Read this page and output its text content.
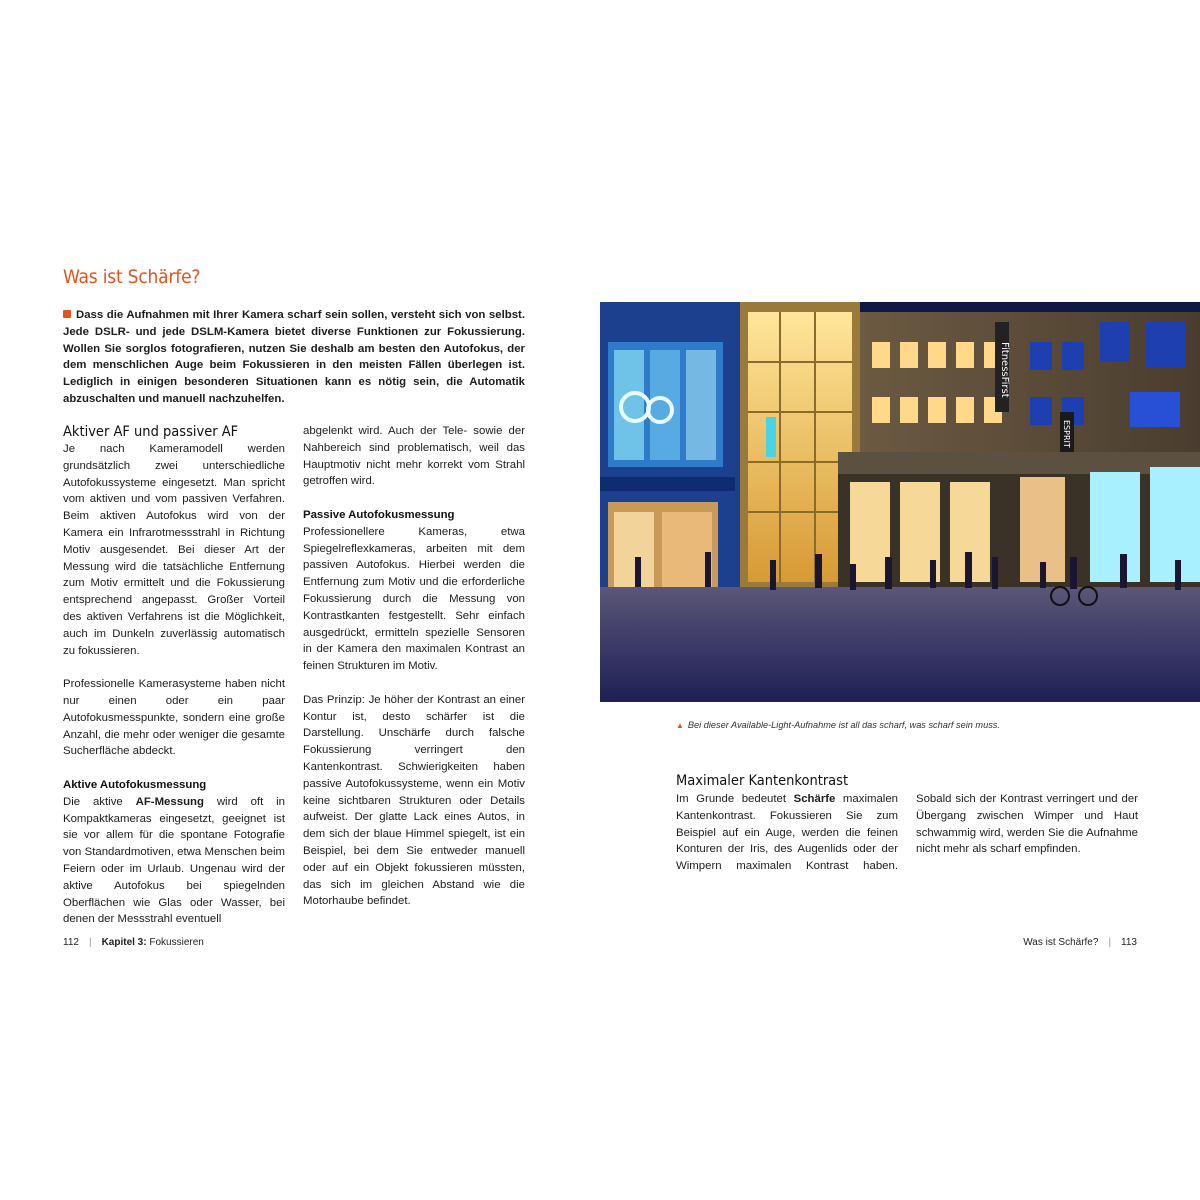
Was ist Schärfe?
Dass die Aufnahmen mit Ihrer Kamera scharf sein sollen, versteht sich von selbst. Jede DSLR- und jede DSLM-Kamera bietet diverse Funktionen zur Fokussierung. Wollen Sie sorglos fotografieren, nutzen Sie deshalb am besten den Autofokus, der dem menschlichen Auge beim Fokussieren in den meisten Fällen überlegen ist. Lediglich in einigen besonderen Situationen kann es nötig sein, die Automatik abzuschalten und manuell nachzuhelfen.
Aktiver AF und passiver AF

Je nach Kameramodell werden grundsätzlich zwei unterschiedliche Autofokussysteme eingesetzt. Man spricht vom aktiven und vom passiven Verfahren. Beim aktiven Autofokus wird von der Kamera ein Infrarotmessstrahl in Richtung Motiv ausgesendet. Bei dieser Art der Messung wird die tatsächliche Entfernung zum Motiv ermittelt und die Fokussierung entsprechend angepasst. Großer Vorteil des aktiven Verfahrens ist die Möglichkeit, auch im Dunkeln zuverlässig automatisch zu fokussieren.

Professionelle Kamerasysteme haben nicht nur einen oder ein paar Autofokusmesspunkte, sondern eine große Anzahl, die mehr oder weniger die gesamte Sucherfläche abdeckt.

Aktive Autofokusmessung

Die aktive AF-Messung wird oft in Kompaktkameras eingesetzt, geeignet ist sie vor allem für die spontane Fotografie von Standardmotiven, etwa Menschen beim Feiern oder im Urlaub. Ungenau wird der aktive Autofokus bei spiegelnden Oberflächen wie Glas oder Wasser, bei denen der Messstrahl eventuell

abgelenkt wird. Auch der Tele- sowie der Nahbereich sind problematisch, weil das Hauptmotiv nicht mehr korrekt vom Strahl getroffen wird.

Passive Autofokusmessung

Professionellere Kameras, etwa Spiegelreflexkameras, arbeiten mit dem passiven Autofokus. Hierbei werden die Entfernung zum Motiv und die erforderliche Fokussierung durch die Messung von Kontrastkanten festgestellt. Sehr einfach ausgedrückt, ermitteln spezielle Sensoren in der Kamera den maximalen Kontrast an feinen Strukturen im Motiv.

Das Prinzip: Je höher der Kontrast an einer Kontur ist, desto schärfer ist die Darstellung. Unschärfe durch falsche Fokussierung verringert den Kantenkontrast. Schwierigkeiten haben passive Autofokussysteme, wenn ein Motiv keine sichtbaren Strukturen oder Details aufweist. Der glatte Lack eines Autos, in dem sich der blaue Himmel spiegelt, ist ein Beispiel, bei dem Sie entweder manuell oder auf ein Objekt fokussieren müssten, das sich im gleichen Abstand wie die Motorhaube befindet.

FitnessFirst
ESPRIT
▲ Bei dieser Available-Light-Aufnahme ist all das scharf, was scharf sein muss.
Maximaler Kantenkontrast

Im Grunde bedeutet Schärfe maximalen Kantenkontrast. Fokussieren Sie zum Beispiel auf ein Auge, werden die feinen Konturen der Iris, des Augenlids oder der Wimpern maximalen Kontrast haben. Sobald sich der Kontrast verringert und der Übergang zwischen Wimper und Haut schwammig wird, werden Sie die Aufnahme nicht mehr als scharf empfinden.

112 | Kapitel 3: Fokussieren	Was ist Schärfe? | 113
